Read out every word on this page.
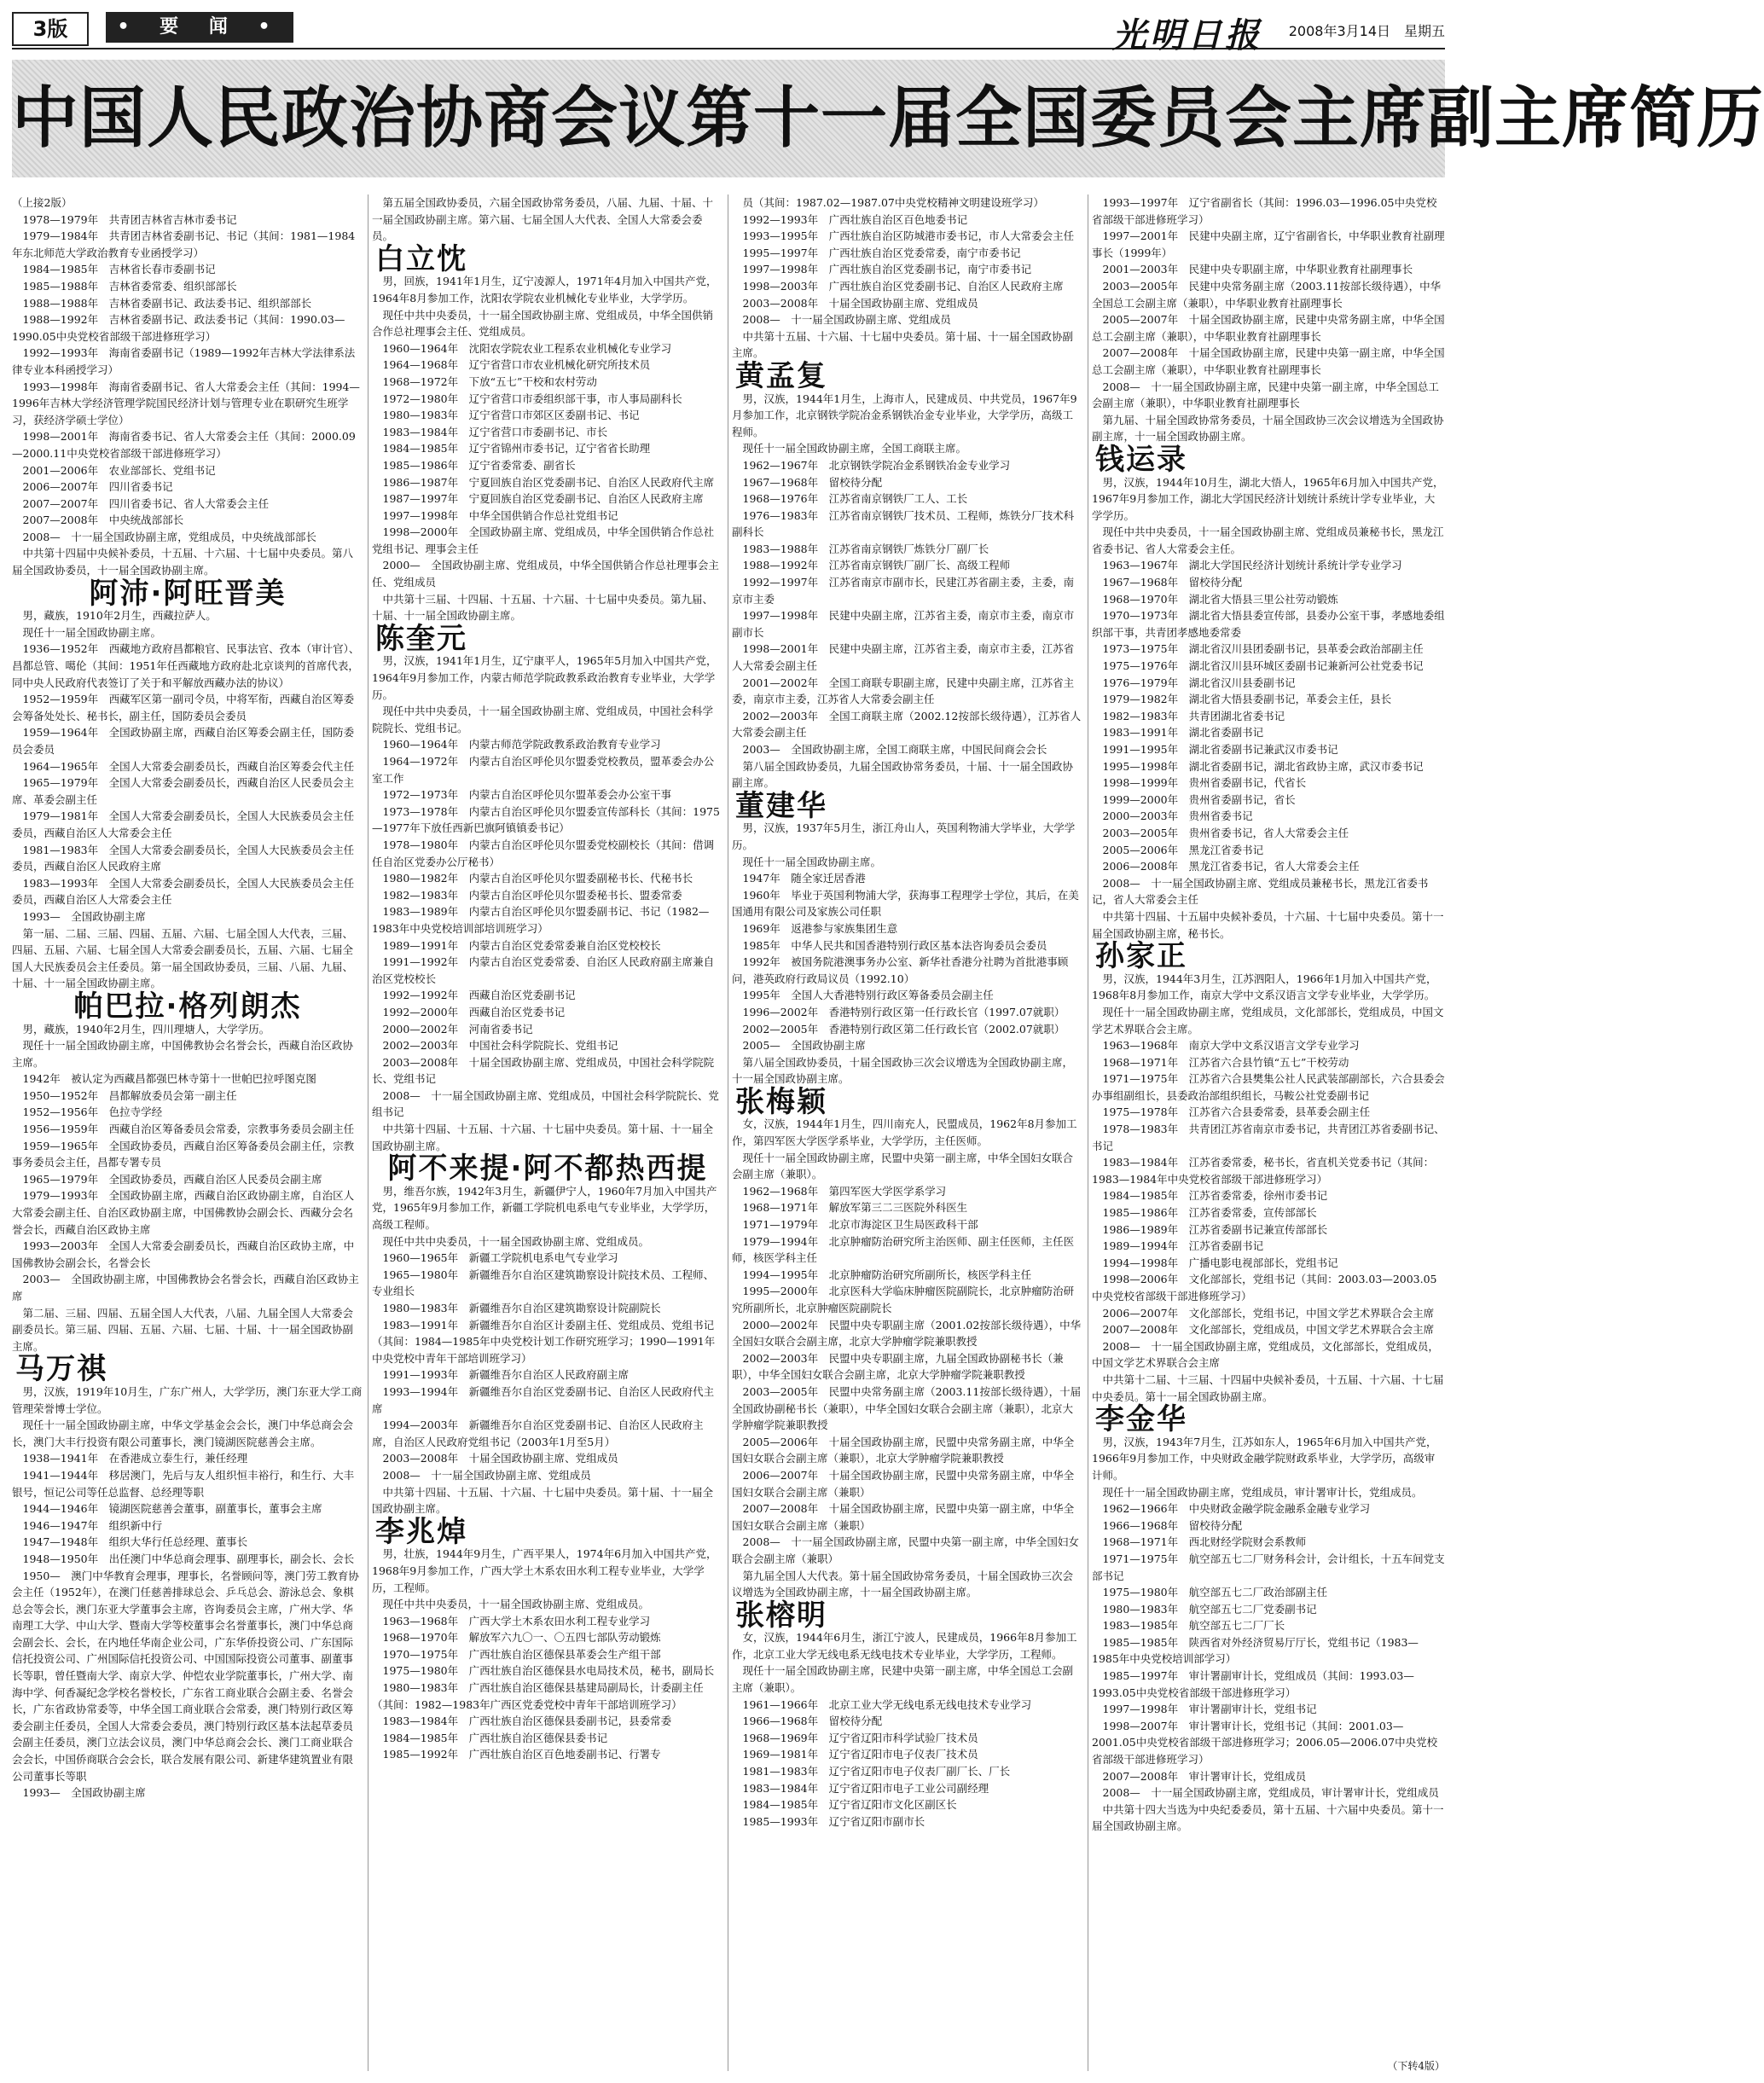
3版	• 要 闻 •	光明日报 2008年3月14日　星期五
中国人民政治协商会议第十一届全国委员会主席副主席简历

（上接2版）

1978—1979年　共青团吉林省吉林市委书记

1979—1984年　共青团吉林省委副书记、书记（其间：1981—1984年东北师范大学政治教育专业函授学习）

1984—1985年　吉林省长春市委副书记

1985—1988年　吉林省委常委、组织部部长

1988—1988年　吉林省委副书记、政法委书记、组织部部长

1988—1992年　吉林省委副书记、政法委书记（其间：1990.03—1990.05中央党校省部级干部进修班学习）

1992—1993年　海南省委副书记（1989—1992年吉林大学法律系法律专业本科函授学习）

1993—1998年　海南省委副书记、省人大常委会主任（其间：1994—1996年吉林大学经济管理学院国民经济计划与管理专业在职研究生班学习，获经济学硕士学位）

1998—2001年　海南省委书记、省人大常委会主任（其间：2000.09—2000.11中央党校省部级干部进修班学习）

2001—2006年　农业部部长、党组书记

2006—2007年　四川省委书记

2007—2007年　四川省委书记、省人大常委会主任

2007—2008年　中央统战部部长

2008—　十一届全国政协副主席，党组成员，中央统战部部长

中共第十四届中央候补委员，十五届、十六届、十七届中央委员。第八届全国政协委员，十一届全国政协副主席。

阿沛·阿旺晋美

男，藏族，1910年2月生，西藏拉萨人。

现任十一届全国政协副主席。

1936—1952年　西藏地方政府昌都粮官、民事法官、孜本（审计官）、昌都总管、噶伦（其间：1951年任西藏地方政府赴北京谈判的首席代表，同中央人民政府代表签订了关于和平解放西藏办法的协议）

1952—1959年　西藏军区第一副司令员，中将军衔，西藏自治区筹委会筹备处处长、秘书长，副主任，国防委员会委员

1959—1964年　全国政协副主席，西藏自治区筹委会副主任，国防委员会委员

1964—1965年　全国人大常委会副委员长，西藏自治区筹委会代主任

1965—1979年　全国人大常委会副委员长，西藏自治区人民委员会主席、革委会副主任

1979—1981年　全国人大常委会副委员长，全国人大民族委员会主任委员，西藏自治区人大常委会主任

1981—1983年　全国人大常委会副委员长，全国人大民族委员会主任委员，西藏自治区人民政府主席

1983—1993年　全国人大常委会副委员长，全国人大民族委员会主任委员，西藏自治区人大常委会主任

1993—　全国政协副主席

第一届、二届、三届、四届、五届、六届、七届全国人大代表，三届、四届、五届、六届、七届全国人大常委会副委员长，五届、六届、七届全国人大民族委员会主任委员。第一届全国政协委员，三届、八届、九届、十届、十一届全国政协副主席。

帕巴拉·格列朗杰

男，藏族，1940年2月生，四川理塘人，大学学历。

现任十一届全国政协副主席，中国佛教协会名誉会长，西藏自治区政协主席。

1942年　被认定为西藏昌都强巴林寺第十一世帕巴拉呼图克图

1950—1952年　昌都解放委员会第一副主任

1952—1956年　色拉寺学经

1956—1959年　西藏自治区筹备委员会常委，宗教事务委员会副主任

1959—1965年　全国政协委员，西藏自治区筹备委员会副主任，宗教事务委员会主任，昌都专署专员

1965—1979年　全国政协委员，西藏自治区人民委员会副主席

1979—1993年　全国政协副主席，西藏自治区政协副主席，自治区人大常委会副主任、自治区政协副主席，中国佛教协会副会长、西藏分会名誉会长，西藏自治区政协主席

1993—2003年　全国人大常委会副委员长，西藏自治区政协主席，中国佛教协会副会长，名誉会长

2003—　全国政协副主席，中国佛教协会名誉会长，西藏自治区政协主席

第二届、三届、四届、五届全国人大代表，八届、九届全国人大常委会副委员长。第三届、四届、五届、六届、七届、十届、十一届全国政协副主席。

马万祺

男，汉族，1919年10月生，广东广州人，大学学历，澳门东亚大学工商管理荣誉博士学位。

现任十一届全国政协副主席，中华文学基金会会长，澳门中华总商会会长，澳门大丰行投资有限公司董事长，澳门镜湖医院慈善会主席。

1938—1941年　在香港成立泰生行，兼任经理

1941—1944年　移居澳门，先后与友人组织恒丰裕行，和生行、大丰银号，恒记公司等任总监督、总经理等职

1944—1946年　镜湖医院慈善会董事，副董事长，董事会主席

1946—1947年　组织新中行

1947—1948年　组织大华行任总经理、董事长

1948—1950年　出任澳门中华总商会理事、副理事长，副会长、会长

1950—　澳门中华教育会理事，理事长，名誉顾问等，澳门劳工教育协会主任（1952年），在澳门任慈善排球总会、乒乓总会、游泳总会、象棋总会等会长，澳门东亚大学董事会主席，咨询委员会主席，广州大学、华南理工大学、中山大学、暨南大学等校董事会名誉董事长，澳门中华总商会副会长、会长，在内地任华南企业公司，广东华侨投资公司、广东国际信托投资公司、广州国际信托投资公司、中国国际投资公司董事、副董事长等职，曾任暨南大学、南京大学、仲恺农业学院董事长，广州大学、南海中学、何香凝纪念学校名誉校长，广东省工商业联合会副主委、名誉会长，广东省政协常委等，中华全国工商业联合会常委，澳门特别行政区筹委会副主任委员，全国人大常委会委员，澳门特别行政区基本法起草委员会副主任委员，澳门立法会议员，澳门中华总商会会长、澳门工商业联合会会长，中国侨商联合会会长，联合发展有限公司、新建华建筑置业有限公司董事长等职

1993—　全国政协副主席

第五届全国政协委员，六届全国政协常务委员，八届、九届、十届、十一届全国政协副主席。第六届、七届全国人大代表、全国人大常委会委员。

白立忱

男，回族，1941年1月生，辽宁凌源人，1971年4月加入中国共产党，1964年8月参加工作，沈阳农学院农业机械化专业毕业，大学学历。

现任中共中央委员，十一届全国政协副主席、党组成员，中华全国供销合作总社理事会主任、党组成员。

1960—1964年　沈阳农学院农业工程系农业机械化专业学习

1964—1968年　辽宁省营口市农业机械化研究所技术员

1968—1972年　下放“五七”干校和农村劳动

1972—1980年　辽宁省营口市委组织部干事，市人事局副科长

1980—1983年　辽宁省营口市郊区区委副书记、书记

1983—1984年　辽宁省营口市委副书记、市长

1984—1985年　辽宁省锦州市委书记，辽宁省省长助理

1985—1986年　辽宁省委常委、副省长

1986—1987年　宁夏回族自治区党委副书记、自治区人民政府代主席

1987—1997年　宁夏回族自治区党委副书记、自治区人民政府主席

1997—1998年　中华全国供销合作总社党组书记

1998—2000年　全国政协副主席、党组成员，中华全国供销合作总社党组书记、理事会主任

2000—　全国政协副主席、党组成员，中华全国供销合作总社理事会主任、党组成员

中共第十三届、十四届、十五届、十六届、十七届中央委员。第九届、十届、十一届全国政协副主席。

陈奎元

男，汉族，1941年1月生，辽宁康平人，1965年5月加入中国共产党，1964年9月参加工作，内蒙古师范学院政教系政治教育专业毕业，大学学历。

现任中共中央委员，十一届全国政协副主席、党组成员，中国社会科学院院长、党组书记。

1960—1964年　内蒙古师范学院政教系政治教育专业学习

1964—1972年　内蒙古自治区呼伦贝尔盟委党校教员，盟革委会办公室工作

1972—1973年　内蒙古自治区呼伦贝尔盟革委会办公室干事

1973—1978年　内蒙古自治区呼伦贝尔盟委宣传部科长（其间：1975—1977年下放任西新巴旗阿镇镇委书记）

1978—1980年　内蒙古自治区呼伦贝尔盟委党校副校长（其间：借调任自治区党委办公厅秘书）

1980—1982年　内蒙古自治区呼伦贝尔盟委副秘书长、代秘书长

1982—1983年　内蒙古自治区呼伦贝尔盟委秘书长、盟委常委

1983—1989年　内蒙古自治区呼伦贝尔盟委副书记、书记（1982—1983年中央党校培训部培训班学习）

1989—1991年　内蒙古自治区党委常委兼自治区党校校长

1991—1992年　内蒙古自治区党委常委、自治区人民政府副主席兼自治区党校校长

1992—1992年　西藏自治区党委副书记

1992—2000年　西藏自治区党委书记

2000—2002年　河南省委书记

2002—2003年　中国社会科学院院长、党组书记

2003—2008年　十届全国政协副主席、党组成员，中国社会科学院院长、党组书记

2008—　十一届全国政协副主席、党组成员，中国社会科学院院长、党组书记

中共第十四届、十五届、十六届、十七届中央委员。第十届、十一届全国政协副主席。

阿不来提·阿不都热西提

男，维吾尔族，1942年3月生，新疆伊宁人，1960年7月加入中国共产党，1965年9月参加工作，新疆工学院机电系电气专业毕业，大学学历，高级工程师。

现任中共中央委员，十一届全国政协副主席、党组成员。

1960—1965年　新疆工学院机电系电气专业学习

1965—1980年　新疆维吾尔自治区建筑勘察设计院技术员、工程师、专业组长

1980—1983年　新疆维吾尔自治区建筑勘察设计院副院长

1983—1991年　新疆维吾尔自治区计委副主任、党组成员、党组书记（其间：1984—1985年中央党校计划工作研究班学习；1990—1991年中央党校中青年干部培训班学习）

1991—1993年　新疆维吾尔自治区人民政府副主席

1993—1994年　新疆维吾尔自治区党委副书记、自治区人民政府代主席

1994—2003年　新疆维吾尔自治区党委副书记、自治区人民政府主席，自治区人民政府党组书记（2003年1月至5月）

2003—2008年　十届全国政协副主席、党组成员

2008—　十一届全国政协副主席、党组成员

中共第十四届、十五届、十六届、十七届中央委员。第十届、十一届全国政协副主席。

李兆焯

男，壮族，1944年9月生，广西平果人，1974年6月加入中国共产党，1968年9月参加工作，广西大学土木系农田水利工程专业毕业，大学学历，工程师。

现任中共中央委员，十一届全国政协副主席、党组成员。

1963—1968年　广西大学土木系农田水利工程专业学习

1968—1970年　解放军六九〇一、〇五四七部队劳动锻炼

1970—1975年　广西壮族自治区德保县革委会生产组干部

1975—1980年　广西壮族自治区德保县水电局技术员，秘书，副局长

1980—1983年　广西壮族自治区德保县基建局副局长，计委副主任（其间：1982—1983年广西区党委党校中青年干部培训班学习）

1983—1984年　广西壮族自治区德保县委副书记，县委常委

1984—1985年　广西壮族自治区德保县委书记

1985—1992年　广西壮族自治区百色地委副书记、行署专

员（其间：1987.02—1987.07中央党校精神文明建设班学习）

1992—1993年　广西壮族自治区百色地委书记

1993—1995年　广西壮族自治区防城港市委书记，市人大常委会主任

1995—1997年　广西壮族自治区党委常委，南宁市委书记

1997—1998年　广西壮族自治区党委副书记，南宁市委书记

1998—2003年　广西壮族自治区党委副书记、自治区人民政府主席

2003—2008年　十届全国政协副主席、党组成员

2008—　十一届全国政协副主席、党组成员

中共第十五届、十六届、十七届中央委员。第十届、十一届全国政协副主席。

黄孟复

男，汉族，1944年1月生，上海市人，民建成员、中共党员，1967年9月参加工作，北京钢铁学院冶金系钢铁冶金专业毕业，大学学历，高级工程师。

现任十一届全国政协副主席，全国工商联主席。

1962—1967年　北京钢铁学院冶金系钢铁冶金专业学习

1967—1968年　留校待分配

1968—1976年　江苏省南京钢铁厂工人、工长

1976—1983年　江苏省南京钢铁厂技术员、工程师，炼铁分厂技术科副科长

1983—1988年　江苏省南京钢铁厂炼铁分厂副厂长

1988—1992年　江苏省南京钢铁厂副厂长、高级工程师

1992—1997年　江苏省南京市副市长，民建江苏省副主委，主委，南京市主委

1997—1998年　民建中央副主席，江苏省主委，南京市主委，南京市副市长

1998—2001年　民建中央副主席，江苏省主委，南京市主委，江苏省人大常委会副主任

2001—2002年　全国工商联专职副主席，民建中央副主席，江苏省主委，南京市主委，江苏省人大常委会副主任

2002—2003年　全国工商联主席（2002.12按部长级待遇），江苏省人大常委会副主任

2003—　全国政协副主席，全国工商联主席，中国民间商会会长

第八届全国政协委员，九届全国政协常务委员，十届、十一届全国政协副主席。

董建华

男，汉族，1937年5月生，浙江舟山人，英国利物浦大学毕业，大学学历。

现任十一届全国政协副主席。

1947年　随全家迁居香港

1960年　毕业于英国利物浦大学，获海事工程理学士学位，其后，在美国通用有限公司及家族公司任职

1969年　返港参与家族集团生意

1985年　中华人民共和国香港特别行政区基本法咨询委员会委员

1992年　被国务院港澳事务办公室、新华社香港分社聘为首批港事顾问，港英政府行政局议员（1992.10）

1995年　全国人大香港特别行政区筹备委员会副主任

1996—2002年　香港特别行政区第一任行政长官（1997.07就职）

2002—2005年　香港特别行政区第二任行政长官（2002.07就职）

2005—　全国政协副主席

第八届全国政协委员，十届全国政协三次会议增选为全国政协副主席，十一届全国政协副主席。

张梅颖

女，汉族，1944年1月生，四川南充人，民盟成员，1962年8月参加工作，第四军医大学医学系毕业，大学学历，主任医师。

现任十一届全国政协副主席，民盟中央第一副主席，中华全国妇女联合会副主席（兼职）。

1962—1968年　第四军医大学医学系学习

1968—1971年　解放军第三二三医院外科医生

1971—1979年　北京市海淀区卫生局医政科干部

1979—1994年　北京肿瘤防治研究所主治医师、副主任医师，主任医师，核医学科主任

1994—1995年　北京肿瘤防治研究所副所长，核医学科主任

1995—2000年　北京医科大学临床肿瘤医院副院长，北京肿瘤防治研究所副所长，北京肿瘤医院副院长

2000—2002年　民盟中央专职副主席（2001.02按部长级待遇），中华全国妇女联合会副主席，北京大学肿瘤学院兼职教授

2002—2003年　民盟中央专职副主席，九届全国政协副秘书长（兼职），中华全国妇女联合会副主席，北京大学肿瘤学院兼职教授

2003—2005年　民盟中央常务副主席（2003.11按部长级待遇），十届全国政协副秘书长（兼职），中华全国妇女联合会副主席（兼职），北京大学肿瘤学院兼职教授

2005—2006年　十届全国政协副主席，民盟中央常务副主席，中华全国妇女联合会副主席（兼职），北京大学肿瘤学院兼职教授

2006—2007年　十届全国政协副主席，民盟中央常务副主席，中华全国妇女联合会副主席（兼职）

2007—2008年　十届全国政协副主席，民盟中央第一副主席，中华全国妇女联合会副主席（兼职）

2008—　十一届全国政协副主席，民盟中央第一副主席，中华全国妇女联合会副主席（兼职）

第九届全国人大代表。第十届全国政协常务委员，十届全国政协三次会议增选为全国政协副主席，十一届全国政协副主席。

张榕明

女，汉族，1944年6月生，浙江宁波人，民建成员，1966年8月参加工作，北京工业大学无线电系无线电技术专业毕业，大学学历，工程师。

现任十一届全国政协副主席，民建中央第一副主席，中华全国总工会副主席（兼职）。

1961—1966年　北京工业大学无线电系无线电技术专业学习

1966—1968年　留校待分配

1968—1969年　辽宁省辽阳市科学试验厂技术员

1969—1981年　辽宁省辽阳市电子仪表厂技术员

1981—1983年　辽宁省辽阳市电子仪表厂副厂长、厂长

1983—1984年　辽宁省辽阳市电子工业公司副经理

1984—1985年　辽宁省辽阳市文化区副区长

1985—1993年　辽宁省辽阳市副市长

1993—1997年　辽宁省副省长（其间：1996.03—1996.05中央党校省部级干部进修班学习）

1997—2001年　民建中央副主席，辽宁省副省长，中华职业教育社副理事长（1999年）

2001—2003年　民建中央专职副主席，中华职业教育社副理事长

2003—2005年　民建中央常务副主席（2003.11按部长级待遇），中华全国总工会副主席（兼职），中华职业教育社副理事长

2005—2007年　十届全国政协副主席，民建中央常务副主席，中华全国总工会副主席（兼职），中华职业教育社副理事长

2007—2008年　十届全国政协副主席，民建中央第一副主席，中华全国总工会副主席（兼职），中华职业教育社副理事长

2008—　十一届全国政协副主席，民建中央第一副主席，中华全国总工会副主席（兼职），中华职业教育社副理事长

第九届、十届全国政协常务委员，十届全国政协三次会议增选为全国政协副主席，十一届全国政协副主席。

钱运录

男，汉族，1944年10月生，湖北大悟人，1965年6月加入中国共产党，1967年9月参加工作，湖北大学国民经济计划统计系统计学专业毕业，大学学历。

现任中共中央委员，十一届全国政协副主席、党组成员兼秘书长，黑龙江省委书记、省人大常委会主任。

1963—1967年　湖北大学国民经济计划统计系统计学专业学习

1967—1968年　留校待分配

1968—1970年　湖北省大悟县三里公社劳动锻炼

1970—1973年　湖北省大悟县委宣传部，县委办公室干事，孝感地委组织部干事，共青团孝感地委常委

1973—1975年　湖北省汉川县团委副书记，县革委会政治部副主任

1975—1976年　湖北省汉川县环城区委副书记兼新河公社党委书记

1976—1979年　湖北省汉川县委副书记

1979—1982年　湖北省大悟县委副书记，革委会主任，县长

1982—1983年　共青团湖北省委书记

1983—1991年　湖北省委副书记

1991—1995年　湖北省委副书记兼武汉市委书记

1995—1998年　湖北省委副书记，湖北省政协主席，武汉市委书记

1998—1999年　贵州省委副书记，代省长

1999—2000年　贵州省委副书记，省长

2000—2003年　贵州省委书记

2003—2005年　贵州省委书记，省人大常委会主任

2005—2006年　黑龙江省委书记

2006—2008年　黑龙江省委书记，省人大常委会主任

2008—　十一届全国政协副主席、党组成员兼秘书长，黑龙江省委书记，省人大常委会主任

中共第十四届、十五届中央候补委员，十六届、十七届中央委员。第十一届全国政协副主席，秘书长。

孙家正

男，汉族，1944年3月生，江苏泗阳人，1966年1月加入中国共产党，1968年8月参加工作，南京大学中文系汉语言文学专业毕业，大学学历。

现任十一届全国政协副主席，党组成员，文化部部长，党组成员，中国文学艺术界联合会主席。

1963—1968年　南京大学中文系汉语言文学专业学习

1968—1971年　江苏省六合县竹镇“五七”干校劳动

1971—1975年　江苏省六合县樊集公社人民武装部副部长，六合县委会办事组副组长，县委政治部组织组长，马鞍公社党委副书记

1975—1978年　江苏省六合县委常委，县革委会副主任

1978—1983年　共青团江苏省南京市委书记，共青团江苏省委副书记、书记

1983—1984年　江苏省委常委，秘书长，省直机关党委书记（其间：1983—1984年中央党校省部级干部进修班学习）

1984—1985年　江苏省委常委，徐州市委书记

1985—1986年　江苏省委常委，宣传部部长

1986—1989年　江苏省委副书记兼宣传部部长

1989—1994年　江苏省委副书记

1994—1998年　广播电影电视部部长，党组书记

1998—2006年　文化部部长，党组书记（其间：2003.03—2003.05中央党校省部级干部进修班学习）

2006—2007年　文化部部长，党组书记，中国文学艺术界联合会主席

2007—2008年　文化部部长，党组成员，中国文学艺术界联合会主席

2008—　十一届全国政协副主席，党组成员，文化部部长，党组成员，中国文学艺术界联合会主席

中共第十二届、十三届、十四届中央候补委员，十五届、十六届、十七届中央委员。第十一届全国政协副主席。

李金华

男，汉族，1943年7月生，江苏如东人，1965年6月加入中国共产党，1966年9月参加工作，中央财政金融学院财政系毕业，大学学历，高级审计师。

现任十一届全国政协副主席，党组成员，审计署审计长，党组成员。

1962—1966年　中央财政金融学院金融系金融专业学习

1966—1968年　留校待分配

1968—1971年　西北财经学院财会系教师

1971—1975年　航空部五七二厂财务科会计，会计组长，十五车间党支部书记

1975—1980年　航空部五七二厂政治部副主任

1980—1983年　航空部五七二厂党委副书记

1983—1985年　航空部五七二厂厂长

1985—1985年　陕西省对外经济贸易厅厅长，党组书记（1983—1985年中央党校培训部学习）

1985—1997年　审计署副审计长，党组成员（其间：1993.03—1993.05中央党校省部级干部进修班学习）

1997—1998年　审计署副审计长，党组书记

1998—2007年　审计署审计长，党组书记（其间：2001.03—2001.05中央党校省部级干部进修班学习；2006.05—2006.07中央党校省部级干部进修班学习）

2007—2008年　审计署审计长，党组成员

2008—　十一届全国政协副主席，党组成员，审计署审计长，党组成员

中共第十四大当选为中央纪委委员，第十五届、十六届中央委员。第十一届全国政协副主席。

（下转4版）
